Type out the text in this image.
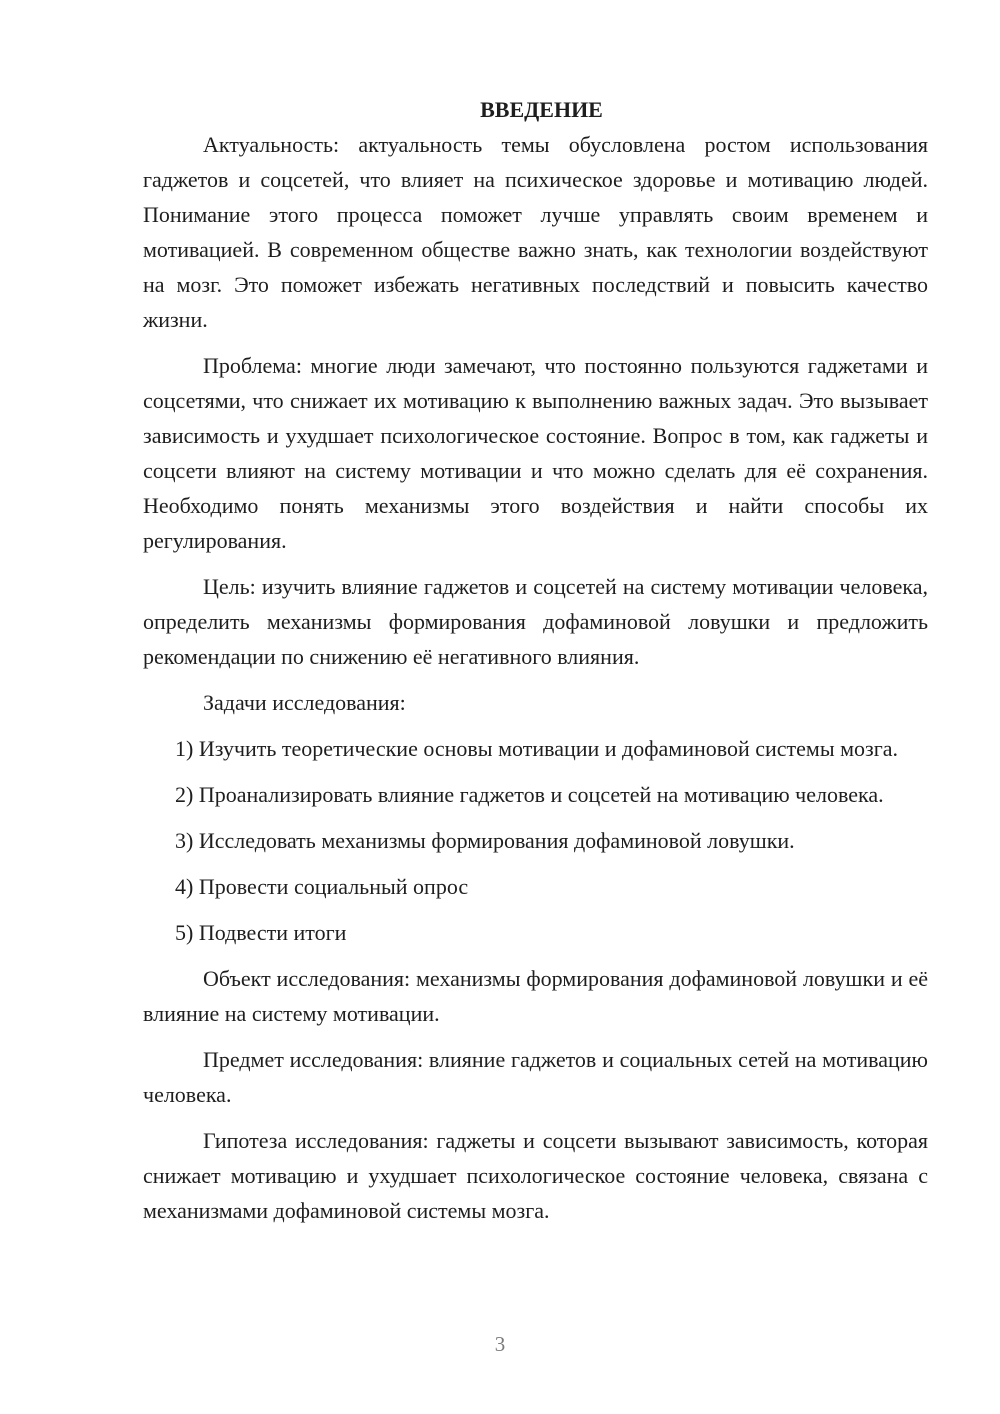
ВВЕДЕНИЕ

Актуальность: актуальность темы обусловлена ростом использования гаджетов и соцсетей, что влияет на психическое здоровье и мотивацию людей. Понимание этого процесса поможет лучше управлять своим временем и мотивацией. В современном обществе важно знать, как технологии воздействуют на мозг. Это поможет избежать негативных последствий и повысить качество жизни.

Проблема: многие люди замечают, что постоянно пользуются гаджетами и соцсетями, что снижает их мотивацию к выполнению важных задач. Это вызывает зависимость и ухудшает психологическое состояние. Вопрос в том, как гаджеты и соцсети влияют на систему мотивации и что можно сделать для её сохранения. Необходимо понять механизмы этого воздействия и найти способы их регулирования.

Цель: изучить влияние гаджетов и соцсетей на систему мотивации человека, определить механизмы формирования дофаминовой ловушки и предложить рекомендации по снижению её негативного влияния.

Задачи исследования:

1) Изучить теоретические основы мотивации и дофаминовой системы мозга.

2) Проанализировать влияние гаджетов и соцсетей на мотивацию человека.

3) Исследовать механизмы формирования дофаминовой ловушки.

4) Провести социальный опрос

5) Подвести итоги

Объект исследования: механизмы формирования дофаминовой ловушки и её влияние на систему мотивации.

Предмет исследования: влияние гаджетов и социальных сетей на мотивацию человека.

Гипотеза исследования: гаджеты и соцсети вызывают зависимость, которая снижает мотивацию и ухудшает психологическое состояние человека, связана с механизмами дофаминовой системы мозга.

3
